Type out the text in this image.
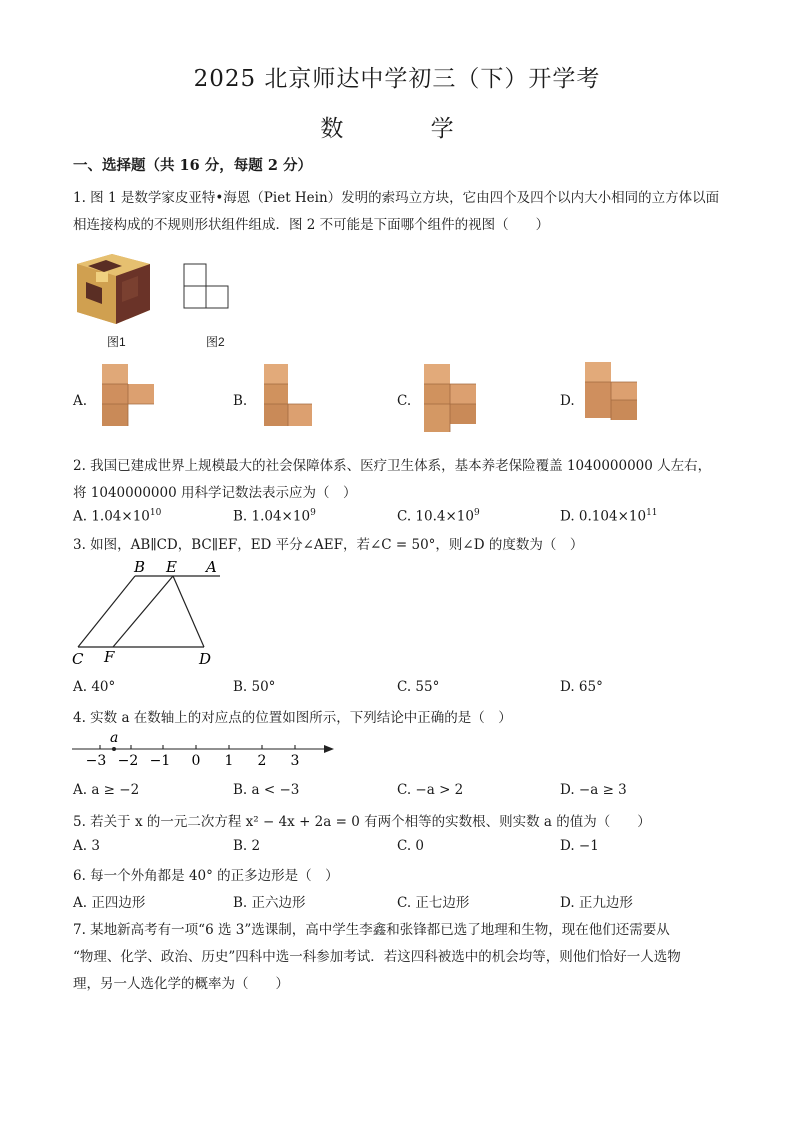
2025 北京师达中学初三（下）开学考
数 学
一、选择题（共 16 分，每题 2 分）
1. 图 1 是数学家皮亚特•海恩（Piet Hein）发明的索玛立方块，它由四个及四个以内大小相同的立方体以面
相连接构成的不规则形状组件组成．图 2 不可能是下面哪个组件的视图（　　）
图1	图2
A.	B.	C.	D.
2. 我国已建成世界上规模最大的社会保障体系、医疗卫生体系，基本养老保险覆盖 1040000000 人左右，
将 1040000000 用科学记数法表示应为（　）
A. $1.04\times 10^{10}$	B. $1.04\times 10^9$	C. $10.4\times 10^9$	D. $0.104\times 10^{11}$
3. 如图，AB∥CD，BC∥EF，ED 平分∠AEF，若∠C = 50°，则∠D 的度数为（　）
B E A
C F	D
A. 40°	B. 50°	C. 55°	D. 65°
4. 实数 a 在数轴上的对应点的位置如图所示，下列结论中正确的是（　）
a
−3 −2 −1 0 1 2 3
A. a ≥ −2	B. a < −3	C. −a > 2	D. −a ≥ 3
5. 若关于 x 的一元二次方程 x² − 4x + 2a = 0 有两个相等的实数根、则实数 a 的值为（　　）
A. 3	B. 2	C. 0	D. −1
6. 每一个外角都是 40° 的正多边形是（　）
A. 正四边形	B. 正六边形	C. 正七边形	D. 正九边形
7. 某地新高考有一项“6 选 3”选课制，高中学生李鑫和张锋都已选了地理和生物，现在他们还需要从
“物理、化学、政治、历史”四科中选一科参加考试．若这四科被选中的机会均等，则他们恰好一人选物
理，另一人选化学的概率为（　　）
